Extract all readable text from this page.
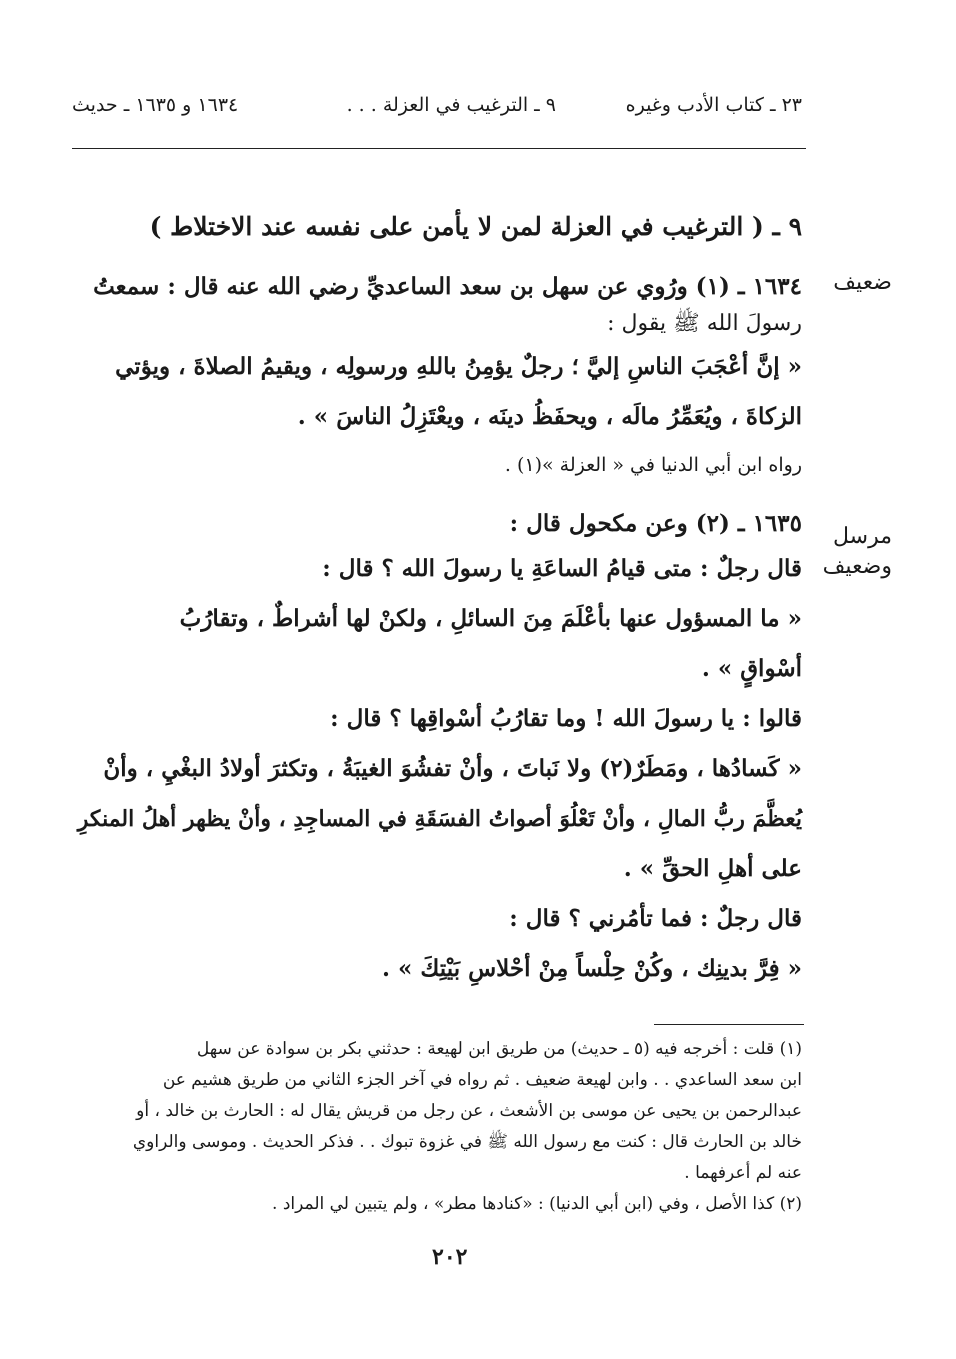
٢٣ ـ كتاب الأدب وغيره
٩ ـ الترغيب في العزلة . . .
١٦٣٤ و ١٦٣٥ ـ حديث
٩ ـ ( الترغيب في العزلة لمن لا يأمن على نفسه عند الاختلاط )
ضعيف
مرسل
وضعيف
١٦٣٤ ـ (١) ورُوي عن سهل بن سعد الساعديِّ رضي الله عنه قال : سمعتُ
رسولَ الله ﷺ يقول :
« إنَّ أعْجَبَ الناسِ إليَّ ؛ رجلٌ يؤمِنُ باللهِ ورسولِه ، ويقيمُ الصلاةَ ، ويؤتي
الزكاةَ ، ويُعَمِّرُ مالَه ، ويحفَظُ دينَه ، ويعْتَزِلُ الناسَ » .
رواه ابن أبي الدنيا في « العزلة »(١) .
١٦٣٥ ـ (٢) وعن مكحول قال :
قال رجلٌ : متى قيامُ الساعَةِ يا رسولَ الله ؟ قال :
« ما المسؤول عنها بأعْلَمَ مِنَ السائلِ ، ولكنْ لها أشراطٌ ، وتقارُبُ
أسْواقٍ » .
قالوا : يا رسولَ الله ! وما تقارُبُ أسْواقِها ؟ قال :
« كَسادُها ، ومَطَرٌ(٢) ولا نَباتَ ، وأنْ تفشُوَ الغيبَةُ ، وتكثرَ أولادُ البغْيِ ، وأنْ
يُعظَّمَ ربُّ المالِ ، وأنْ تَعْلُوَ أصواتُ الفسَقَةِ في المساجِدِ ، وأنْ يظهر أهلُ المنكرِ
على أهلِ الحقِّ » .
قال رجلٌ : فما تأمُرني ؟ قال :
« فِرَّ بدينِك ، وكُنْ حِلْساً مِنْ أحْلاسِ بَيْتِكَ » .
(١) قلت : أخرجه فيه (٥ ـ حديث) من طريق ابن لهيعة : حدثني بكر بن سوادة عن سهل
ابن سعد الساعدي . . وابن لهيعة ضعيف . ثم رواه في آخر الجزء الثاني من طريق هشيم عن
عبدالرحمن بن يحيى عن موسى بن الأشعث ، عن رجل من قريش يقال له : الحارث بن خالد ، أو
خالد بن الحارث قال : كنت مع رسول الله ﷺ في غزوة تبوك . . فذكر الحديث . وموسى والراوي
عنه لم أعرفهما .
(٢) كذا الأصل ، وفي (ابن أبي الدنيا) : «كنادها مطر» ، ولم يتبين لي المراد .
٢٠٢
